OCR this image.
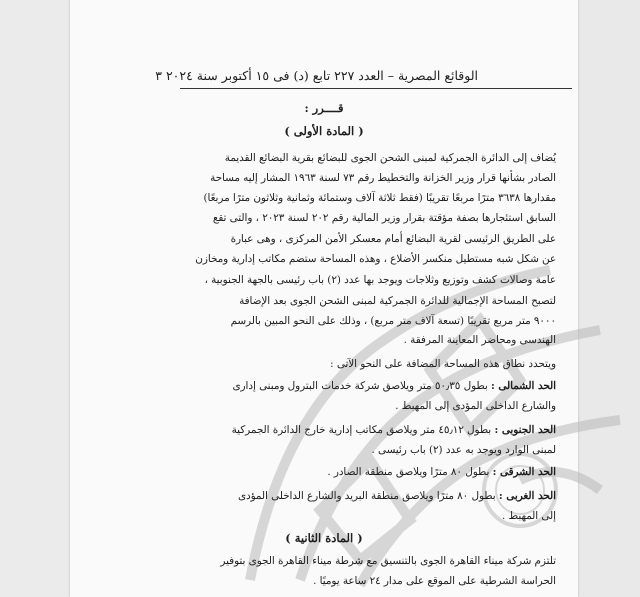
الوقائع المصرية – العدد ٢٢٧ تابع (د) فى ١٥ أكتوبر سنة ٢٠٢٤ ٣
قــــرر :
( المادة الأولى )
يُضاف إلى الدائرة الجمركية لمبنى الشحن الجوى للبضائع بقرية البضائع القديمة
الصادر بشأنها قرار وزير الخزانة والتخطيط رقم ٧٣ لسنة ١٩٦٣ المشار إليه مساحة
مقدارها ٣٦٣٨ مترًا مربعًا تقريبًا (فقط ثلاثة آلاف وستمائة وثمانية وثلاثون مترًا مربعًا)
السابق استئجارها بصفة مؤقتة بقرار وزير المالية رقم ٢٠٢ لسنة ٢٠٢٣ ، والتى تقع
على الطريق الرئيسى لقرية البضائع أمام معسكر الأمن المركزى ، وهى عبارة
عن شكل شبه مستطيل منكسر الأضلاع ، وهذه المساحة ستضم مكاتب إدارية ومخازن
عامة وصالات كشف وتوزيع وثلاجات ويوجد بها عدد (٢) باب رئيسى بالجهة الجنوبية ،
لتصبح المساحة الإجمالية للدائرة الجمركية لمبنى الشحن الجوى بعد الإضافة
٩٠٠٠ متر مربع تقريبًا (تسعة آلاف متر مربع) ، وذلك على النحو المبين بالرسم
الهندسى ومحاضر المعاينة المرفقة .
ويتحدد نطاق هذه المساحة المضافة على النحو الآتى :
الحد الشمالى : بطول ٥٠٫٣٥ متر ويلاصق شركة خدمات البترول ومبنى إدارى
والشارع الداخلى المؤدى إلى المهبط .
الحد الجنوبى : بطول ٤٥٫١٢ متر ويلاصق مكاتب إدارية خارج الدائرة الجمركية
لمبنى الوارد ويوجد به عدد (٢) باب رئيسى .
الحد الشرقى : بطول ٨٠ مترًا ويلاصق منطقة الصادر .
الحد الغربى : بطول ٨٠ مترًا ويلاصق منطقة البريد والشارع الداخلى المؤدى
إلى المهبط .
( المادة الثانية )
تلتزم شركة ميناء القاهرة الجوى بالتنسيق مع شرطة ميناء القاهرة الجوى بتوفير
الحراسة الشرطية على الموقع على مدار ٢٤ ساعة يوميًا .
